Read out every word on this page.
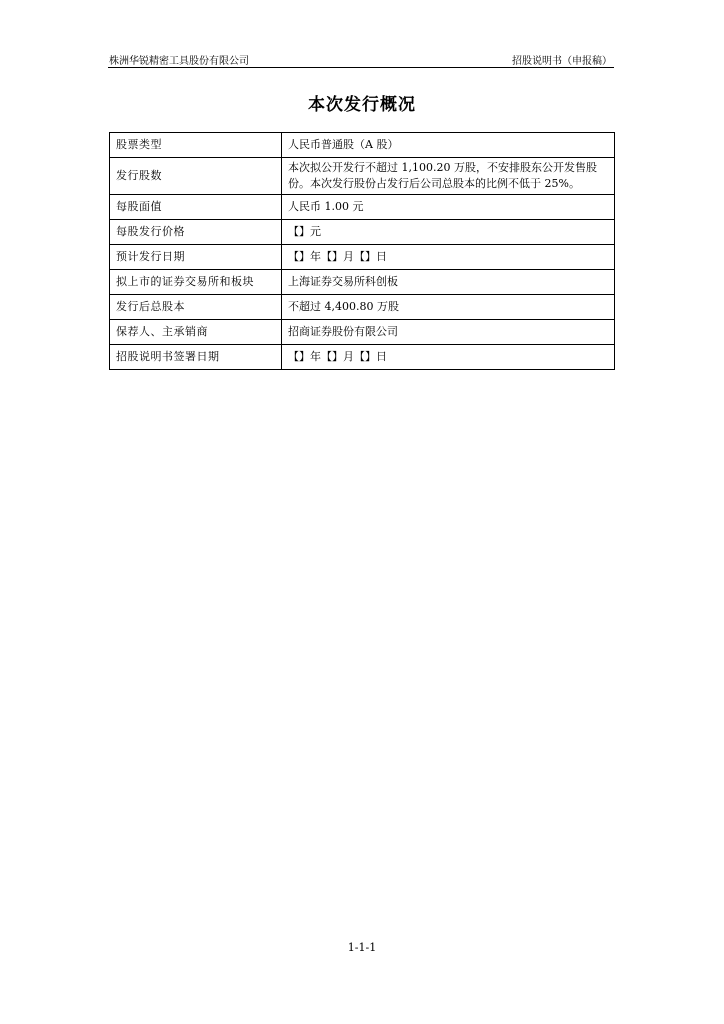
株洲华锐精密工具股份有限公司	招股说明书（申报稿）
本次发行概况
股票类型	人民币普通股（A 股）
发行股数	本次拟公开发行不超过 1,100.20 万股，不安排股东公开发售股份。本次发行股份占发行后公司总股本的比例不低于 25%。
每股面值	人民币 1.00 元
每股发行价格	【】元
预计发行日期	【】年【】月【】日
拟上市的证券交易所和板块	上海证券交易所科创板
发行后总股本	不超过 4,400.80 万股
保荐人、主承销商	招商证券股份有限公司
招股说明书签署日期	【】年【】月【】日
1-1-1
